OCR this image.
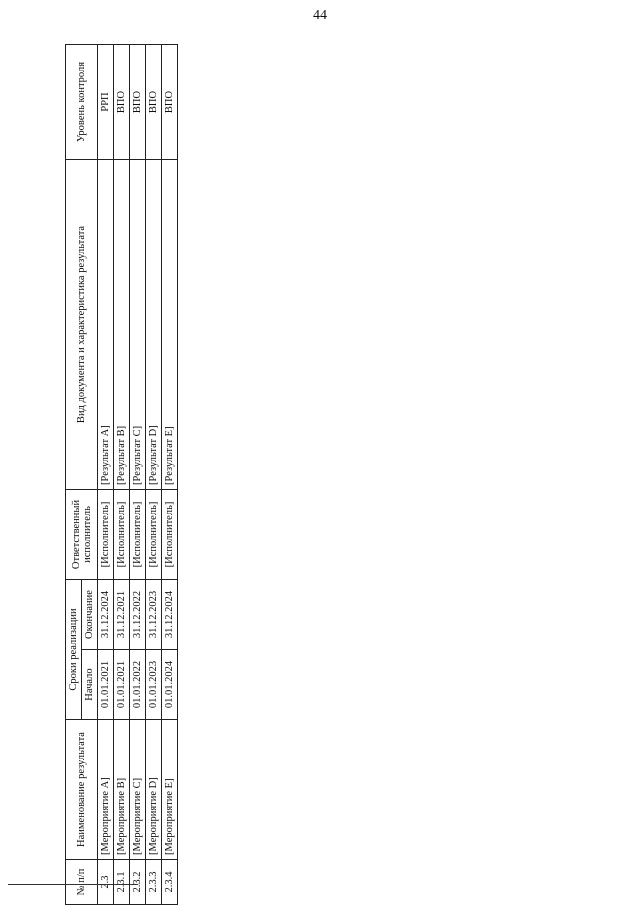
44
№ п/п	Наименование результата	Сроки реализации		Ответственный исполнитель	Вид документа и характеристика результата	Уровень контроля
		Начало	Окончание			
2.3	[Мероприятие A]	01.01.2021	31.12.2024	[Исполнитель]	[Результат A]	РРП
2.3.1	[Мероприятие B]	01.01.2021	31.12.2021	[Исполнитель]	[Результат B]	ВПО
2.3.2	[Мероприятие C]	01.01.2022	31.12.2022	[Исполнитель]	[Результат C]	ВПО
2.3.3	[Мероприятие D]	01.01.2023	31.12.2023	[Исполнитель]	[Результат D]	ВПО
2.3.4	[Мероприятие E]	01.01.2024	31.12.2024	[Исполнитель]	[Результат E]	ВПО
